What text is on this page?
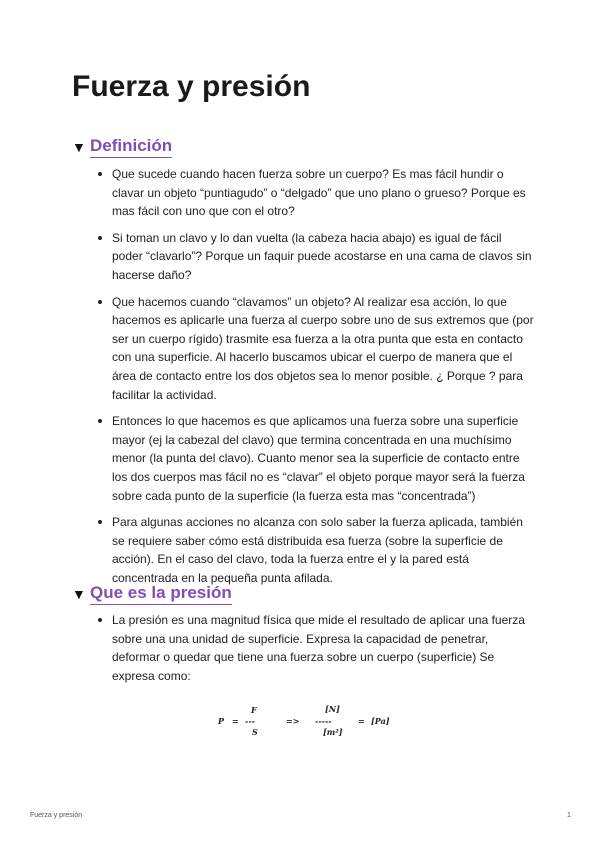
Fuerza y presión
▼ Definición
Que sucede cuando hacen fuerza sobre un cuerpo? Es mas fácil hundir o clavar un objeto “puntiagudo” o “delgado” que uno plano o grueso? Porque es mas fácil con uno que con el otro?
Si toman un clavo y lo dan vuelta (la cabeza hacia abajo) es igual de fácil poder “clavarlo”? Porque un faquir puede acostarse en una cama de clavos sin hacerse daño?
Que hacemos cuando “clavamos” un objeto? Al realizar esa acción, lo que hacemos es aplicarle una fuerza al cuerpo sobre uno de sus extremos que (por ser un cuerpo rígido) trasmite esa fuerza a la otra punta que esta en contacto con una superficie. Al hacerlo buscamos ubicar el cuerpo de manera que el área de contacto entre los dos objetos sea lo menor posible. ¿ Porque ? para facilitar la actividad.
Entonces lo que hacemos es que aplicamos una fuerza sobre una superficie mayor (ej la cabezal del clavo) que termina concentrada en una muchísimo menor (la punta del clavo). Cuanto menor sea la superficie de contacto entre los dos cuerpos mas fácil no es “clavar” el objeto porque mayor será la fuerza sobre cada punto de la superficie (la fuerza esta mas “concentrada”)
Para algunas acciones no alcanza con solo saber la fuerza aplicada, también se requiere saber cómo está distribuida esa fuerza (sobre la superficie de acción). En el caso del clavo, toda la fuerza entre el y la pared está concentrada en la pequeña punta afilada.
▼ Que es la presión
La presión es una magnitud física que mide el resultado de aplicar una fuerza sobre una una unidad de superficie. Expresa la capacidad de penetrar, deformar o quedar que tiene una fuerza sobre un cuerpo (superficie) Se expresa como:
P =
F
---
S
=>
[N]
-----
[m²]
= [Pa]
Fuerza y presión	1
